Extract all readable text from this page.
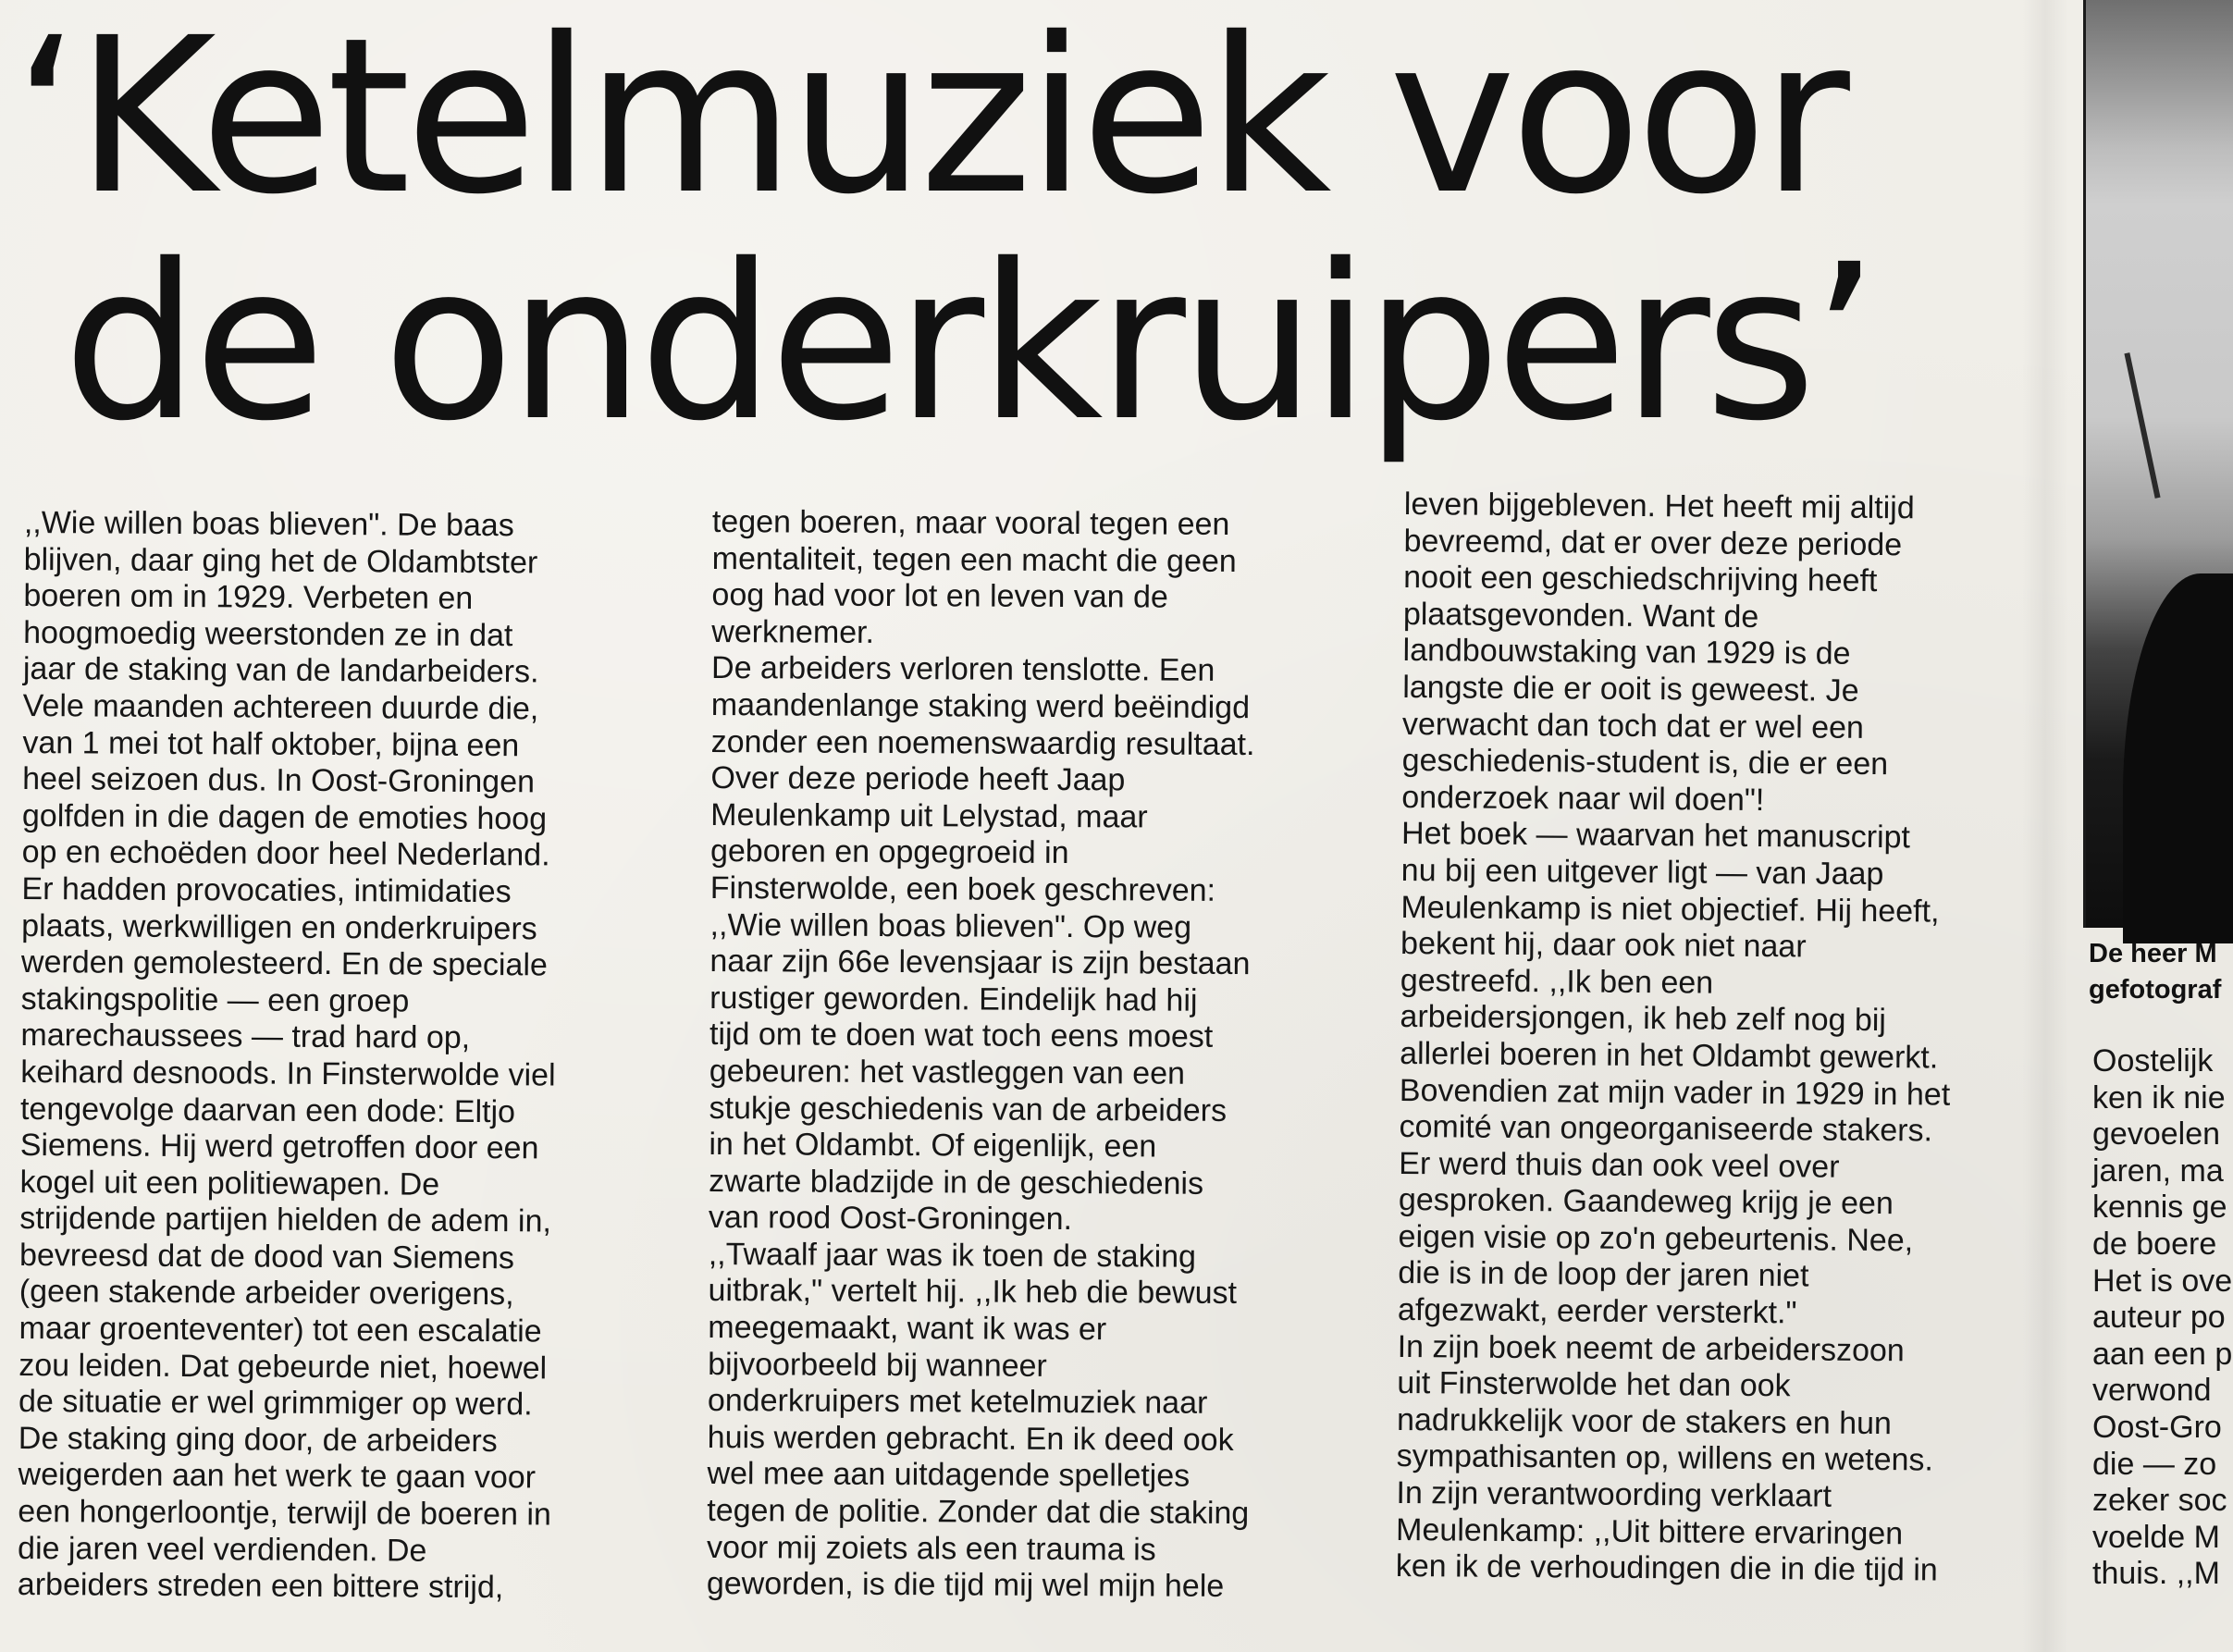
‘Ketelmuziek voor
de onderkruipers’
,,Wie willen boas blieven". De baas
blijven, daar ging het de Oldambtster
boeren om in 1929. Verbeten en
hoogmoedig weerstonden ze in dat
jaar de staking van de landarbeiders.
Vele maanden achtereen duurde die,
van 1 mei tot half oktober, bijna een
heel seizoen dus. In Oost-Groningen
golfden in die dagen de emoties hoog
op en echoëden door heel Nederland.
Er hadden provocaties, intimidaties
plaats, werkwilligen en onderkruipers
werden gemolesteerd. En de speciale
stakingspolitie — een groep
marechaussees — trad hard op,
keihard desnoods. In Finsterwolde viel
tengevolge daarvan een dode: Eltjo
Siemens. Hij werd getroffen door een
kogel uit een politiewapen. De
strijdende partijen hielden de adem in,
bevreesd dat de dood van Siemens
(geen stakende arbeider overigens,
maar groenteventer) tot een escalatie
zou leiden. Dat gebeurde niet, hoewel
de situatie er wel grimmiger op werd.
De staking ging door, de arbeiders
weigerden aan het werk te gaan voor
een hongerloontje, terwijl de boeren in
die jaren veel verdienden. De
arbeiders streden een bittere strijd,
tegen boeren, maar vooral tegen een
mentaliteit, tegen een macht die geen
oog had voor lot en leven van de
werknemer.
De arbeiders verloren tenslotte. Een
maandenlange staking werd beëindigd
zonder een noemenswaardig resultaat.
Over deze periode heeft Jaap
Meulenkamp uit Lelystad, maar
geboren en opgegroeid in
Finsterwolde, een boek geschreven:
,,Wie willen boas blieven". Op weg
naar zijn 66e levensjaar is zijn bestaan
rustiger geworden. Eindelijk had hij
tijd om te doen wat toch eens moest
gebeuren: het vastleggen van een
stukje geschiedenis van de arbeiders
in het Oldambt. Of eigenlijk, een
zwarte bladzijde in de geschiedenis
van rood Oost-Groningen.
,,Twaalf jaar was ik toen de staking
uitbrak," vertelt hij. ,,Ik heb die bewust
meegemaakt, want ik was er
bijvoorbeeld bij wanneer
onderkruipers met ketelmuziek naar
huis werden gebracht. En ik deed ook
wel mee aan uitdagende spelletjes
tegen de politie. Zonder dat die staking
voor mij zoiets als een trauma is
geworden, is die tijd mij wel mijn hele
leven bijgebleven. Het heeft mij altijd
bevreemd, dat er over deze periode
nooit een geschiedschrijving heeft
plaatsgevonden. Want de
landbouwstaking van 1929 is de
langste die er ooit is geweest. Je
verwacht dan toch dat er wel een
geschiedenis-student is, die er een
onderzoek naar wil doen"!
Het boek — waarvan het manuscript
nu bij een uitgever ligt — van Jaap
Meulenkamp is niet objectief. Hij heeft,
bekent hij, daar ook niet naar
gestreefd. ,,Ik ben een
arbeidersjongen, ik heb zelf nog bij
allerlei boeren in het Oldambt gewerkt.
Bovendien zat mijn vader in 1929 in het
comité van ongeorganiseerde stakers.
Er werd thuis dan ook veel over
gesproken. Gaandeweg krijg je een
eigen visie op zo'n gebeurtenis. Nee,
die is in de loop der jaren niet
afgezwakt, eerder versterkt."
In zijn boek neemt de arbeiderszoon
uit Finsterwolde het dan ook
nadrukkelijk voor de stakers en hun
sympathisanten op, willens en wetens.
In zijn verantwoording verklaart
Meulenkamp: ,,Uit bittere ervaringen
ken ik de verhoudingen die in die tijd in
De heer M
gefotograf
Oostelijk
ken ik nie
gevoelen
jaren, ma
kennis ge
de boere
Het is ove
auteur po
aan een p
verwond
Oost-Gro
die — zo
zeker soc
voelde M
thuis. ,,M
